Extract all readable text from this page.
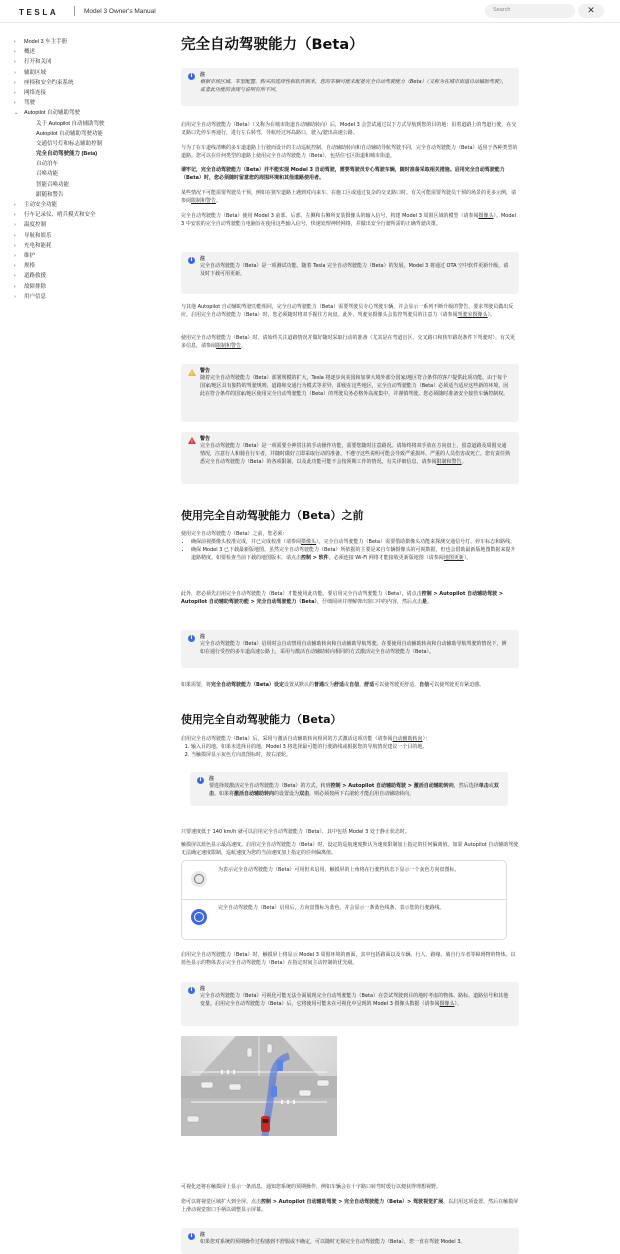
TESLA	Model 3 Owner's Manual	Search	✕
› Model 3 车主手册
› 概述
› 打开和关闭
› 辅助区域
› 座椅和安全约束系统
› 网络连接
› 驾驶
⌄ Autopilot 自动辅助驾驶
关于 Autopilot 自动辅助驾驶
Autopilot 自动辅助驾驶功能
交通信号灯和标志辅助控制
完全自动驾驶能力 (Beta)
自动泊车
召唤功能
智能召唤功能
跟随和警告
› 主动安全功能
› 行车记录仪、哨兵模式和安全
› 温度控制
› 导航和娱乐
› 充电和能耗
› 维护
› 规格
› 道路救援
› 故障排除
› 用户信息
完全自动驾驶能力（Beta）
i	注
根据市场区域、车型配置、购买的选择性和软件版本，您的车辆可能未配备完全自动驾驶能力（Beta）（又称为在城市街道自动辅助驾驶），或者此功能的表现与说明有所不同。

启用完全自动驾驶能力（Beta）（又称为在城市街道自动辅助转向）后，Model 3 会尝试通过以下方式导航到您的目的地：沿着道路上的弯道行驶，在交叉路口先停车再通行，进行左右转弯，导航经过环岛路口，驶入/驶出高速公路。

与为了在车道线清晰的多车道道路上行驶而设计的主动巡航控制、自动辅助转向和自动辅助导航驾驶不同，完全自动驾驶能力（Beta）适用于各种类型的道路。您可以在任何类型的道路上使用完全自动驾驶能力（Beta），包括住宅区街道和城市街道。

请牢记，完全自动驾驶能力（Beta）并不能实现 Model 3 自动驾驶，需要驾驶员专心驾驶车辆，随时准备采取相关措施。启用完全自动驾驶能力（Beta）时，您必须随时留意您的周围环境和其他道路使用者。

某些情况下可能需要驾驶员干预，例如在狭窄道路上遇到对向来车、在施工区或通过复杂的交叉路口时。有关可能需要驾驶员干预的场景的更多示例，请参阅限制和警告。

完全自动驾驶能力（Beta）使用 Model 3 前部、后部、左侧和右侧所安装摄像头的输入信号，构建 Model 3 周围区域的模型（请参阅摄像头）。Model 3 中安装的完全自动驾驶能力电脑旨在使用这些输入信号，快速处理神经网络，并做出安全行驶所需的正确驾驶决策。

i	注
完全自动驾驶能力（Beta）是一项测试功能。随着 Tesla 完全自动驾驶能力（Beta）的发展，Model 3 将通过 OTA 空中软件更新升级。请及时下载可用更新。

与其他 Autopilot 自动辅助驾驶功能相同，完全自动驾驶能力（Beta）需要驾驶员专心驾驶车辆，并会显示一系列不断升级的警告，要求驾驶员做出反应。启用完全自动驾驶能力（Beta）时，您必须随时将双手握住方向盘。此外，驾驶室摄像头会监控驾驶员的注意力（请参阅驾驶室摄像头）。

使用完全自动驾驶能力（Beta）时，请始终关注道路情况并做好随时采取行动的准备（尤其是在弯道盲区、交叉路口和狭窄路况条件下驾驶时）。有关更多信息，请参阅限制和警告。

! 警告
随着完全自动驾驶能力（Beta）部署规模的扩大，Tesla 将逐步向美国和加拿大境外部分国家/地区符合条件的客户提供此项功能。由于每个国家/地区具有独特的驾驶规则、道路和交通行为模式等差异，即使在这些地区，完全自动驾驶能力（Beta）必须适当适应这些新的环境，因此在符合条件的国家/地区使用完全自动驾驶能力（Beta）的驾驶员务必格外高度集中，并谨慎驾驶。您必须随时准备安全接管车辆控制权。
! 警告
完全自动驾驶能力（Beta）是一项需要全神贯注的手动操作功能，需要您随时注意路况。请始终将双手放在方向盘上，留意道路及周围交通情况，注意行人和骑自行车者，并随时做好立即采取行动的准备。不遵守这些说明可能会导致严重损坏、严重的人员伤害或死亡。您有责任熟悉完全自动驾驶能力（Beta）的各项限制，以及此功能可能不会按预期工作的情况。有关详细信息，请参阅限制和警告。
使用完全自动驾驶能力（Beta）之前

使用完全自动驾驶能力（Beta）之前，您必须：

• 确保前视摄像头校准完成，并已完成校准（请参阅摄像头）。完全自动驾驶能力（Beta）需要借助摄像头功能来探测交通信号灯、停车标志和路线。
• 确保 Model 3 已下载最新版地图。虽然完全自动驾驶能力（Beta）所依据的主要是来自车辆摄像头的可视数据，但也会借助最新版地图数据来提升道路精度。如要检查当前下载的地图版本，请点击控制 > 软件。必须连接 Wi-Fi 网络才能接收更新版地图（请参阅地图更新）。

此外，您必须先启用完全自动驾驶能力（Beta）才能使用此功能。要启用完全自动驾驶能力（Beta），请点击控制 > Autopilot 自动辅助驾驶 > Autopilot 自动辅助驾驶功能 > 完全自动驾驶能力（Beta），仔细阅读并理解弹出窗口中的内容，然后点击是。

i	注
完全自动驾驶能力（Beta）启用时会自动禁用自动辅助转向和自动辅助导航驾驶。在要使用自动辅助转向和自动辅助导航驾驶的情况下，例如在通行受控的多车道高速公路上，采用与激活自动辅助转向相同的方式激活完全自动驾驶能力（Beta）。

如果需要，将完全自动驾驶能力（Beta）设定设置从默认的普通改为舒适或自信。舒适可以使驾驶更舒适，自信可以使驾驶更有紧迫感。

使用完全自动驾驶能力（Beta）

启用完全自动驾驶能力（Beta）后，采用与激活自动辅助转向相同的方式激活这项功能（请参阅自动辅助转向）：

1. 输入目的地。如果未选择目的地，Model 3 将选择最可能的行驶路线或根据您的导航情况建议一个目的地。
2. 当触摸屏显示灰色方向盘图标时，按右滚轮。
i	注
要选择按激活完全自动驾驶能力（Beta）的方式，转到控制 > Autopilot 自动辅助驾驶 > 激活自动辅助转向，然后选择单击或双击。如果将激活自动辅助转向的设置设为双击，则必须按两下右滚轮才能启用自动辅助转向。

只要速度低于 140 km/h 就可以启用完全自动驾驶能力（Beta），其中包括 Model 3 处于静止状态时。

触摸屏以蓝色显示最高速度。启用完全自动驾驶能力（Beta）时，设定的巡航速度默认为速度限制加上指定的任何偏离值。如果 Autopilot 自动辅助驾驶无法确定速度限制，巡航速度为您的当前速度加上指定的任何偏离值。

为表示完全自动驾驶能力（Beta）可用但未启用，触摸屏的上角将在行驶档状态下显示一个灰色方向盘图标。
完全自动驾驶能力（Beta）启用后，方向盘图标为蓝色，并会显示一条蓝色线条，表示您的行驶路线。

启用完全自动驾驶能力（Beta）时，触摸屏上将显示 Model 3 周围环境的画面，其中包括路面以及车辆、行人、路缘、骑自行车者等障碍物的物体。以蓝色显示的物体表示完全自动驾驶能力（Beta）在指定时间主动控制的优先级。

i	注
完全自动驾驶能力（Beta）可视化可能无法全面展现完全自动驾驶能力（Beta）在尝试驾驶到目的地时考虑的物体、路标、道路信号和其他变量。启用完全自动驾驶能力（Beta）后，它将使用可能未在可视化中呈现的 Model 3 摄像头数据（请参阅摄像头）。

可视化还将在触摸屏上显示一条消息，通知您系统的预期操作，例如车辆会在十字路口转弯时缓行以便获得理想视野。

您可以将视觉区域扩大到全屏。点击控制 > Autopilot 自动辅助驾驶 > 完全自动驾驶能力（Beta）> 驾驶视觉扩展，以启用这项设置。然后在触摸屏上滑动视觉窗口手柄以调整显示屏幕。

i	注
如果您对系统的预期操作过程感到不舒服或不确定，可以随时无视完全自动驾驶能力（Beta），您一直在驾驶 Model 3。
